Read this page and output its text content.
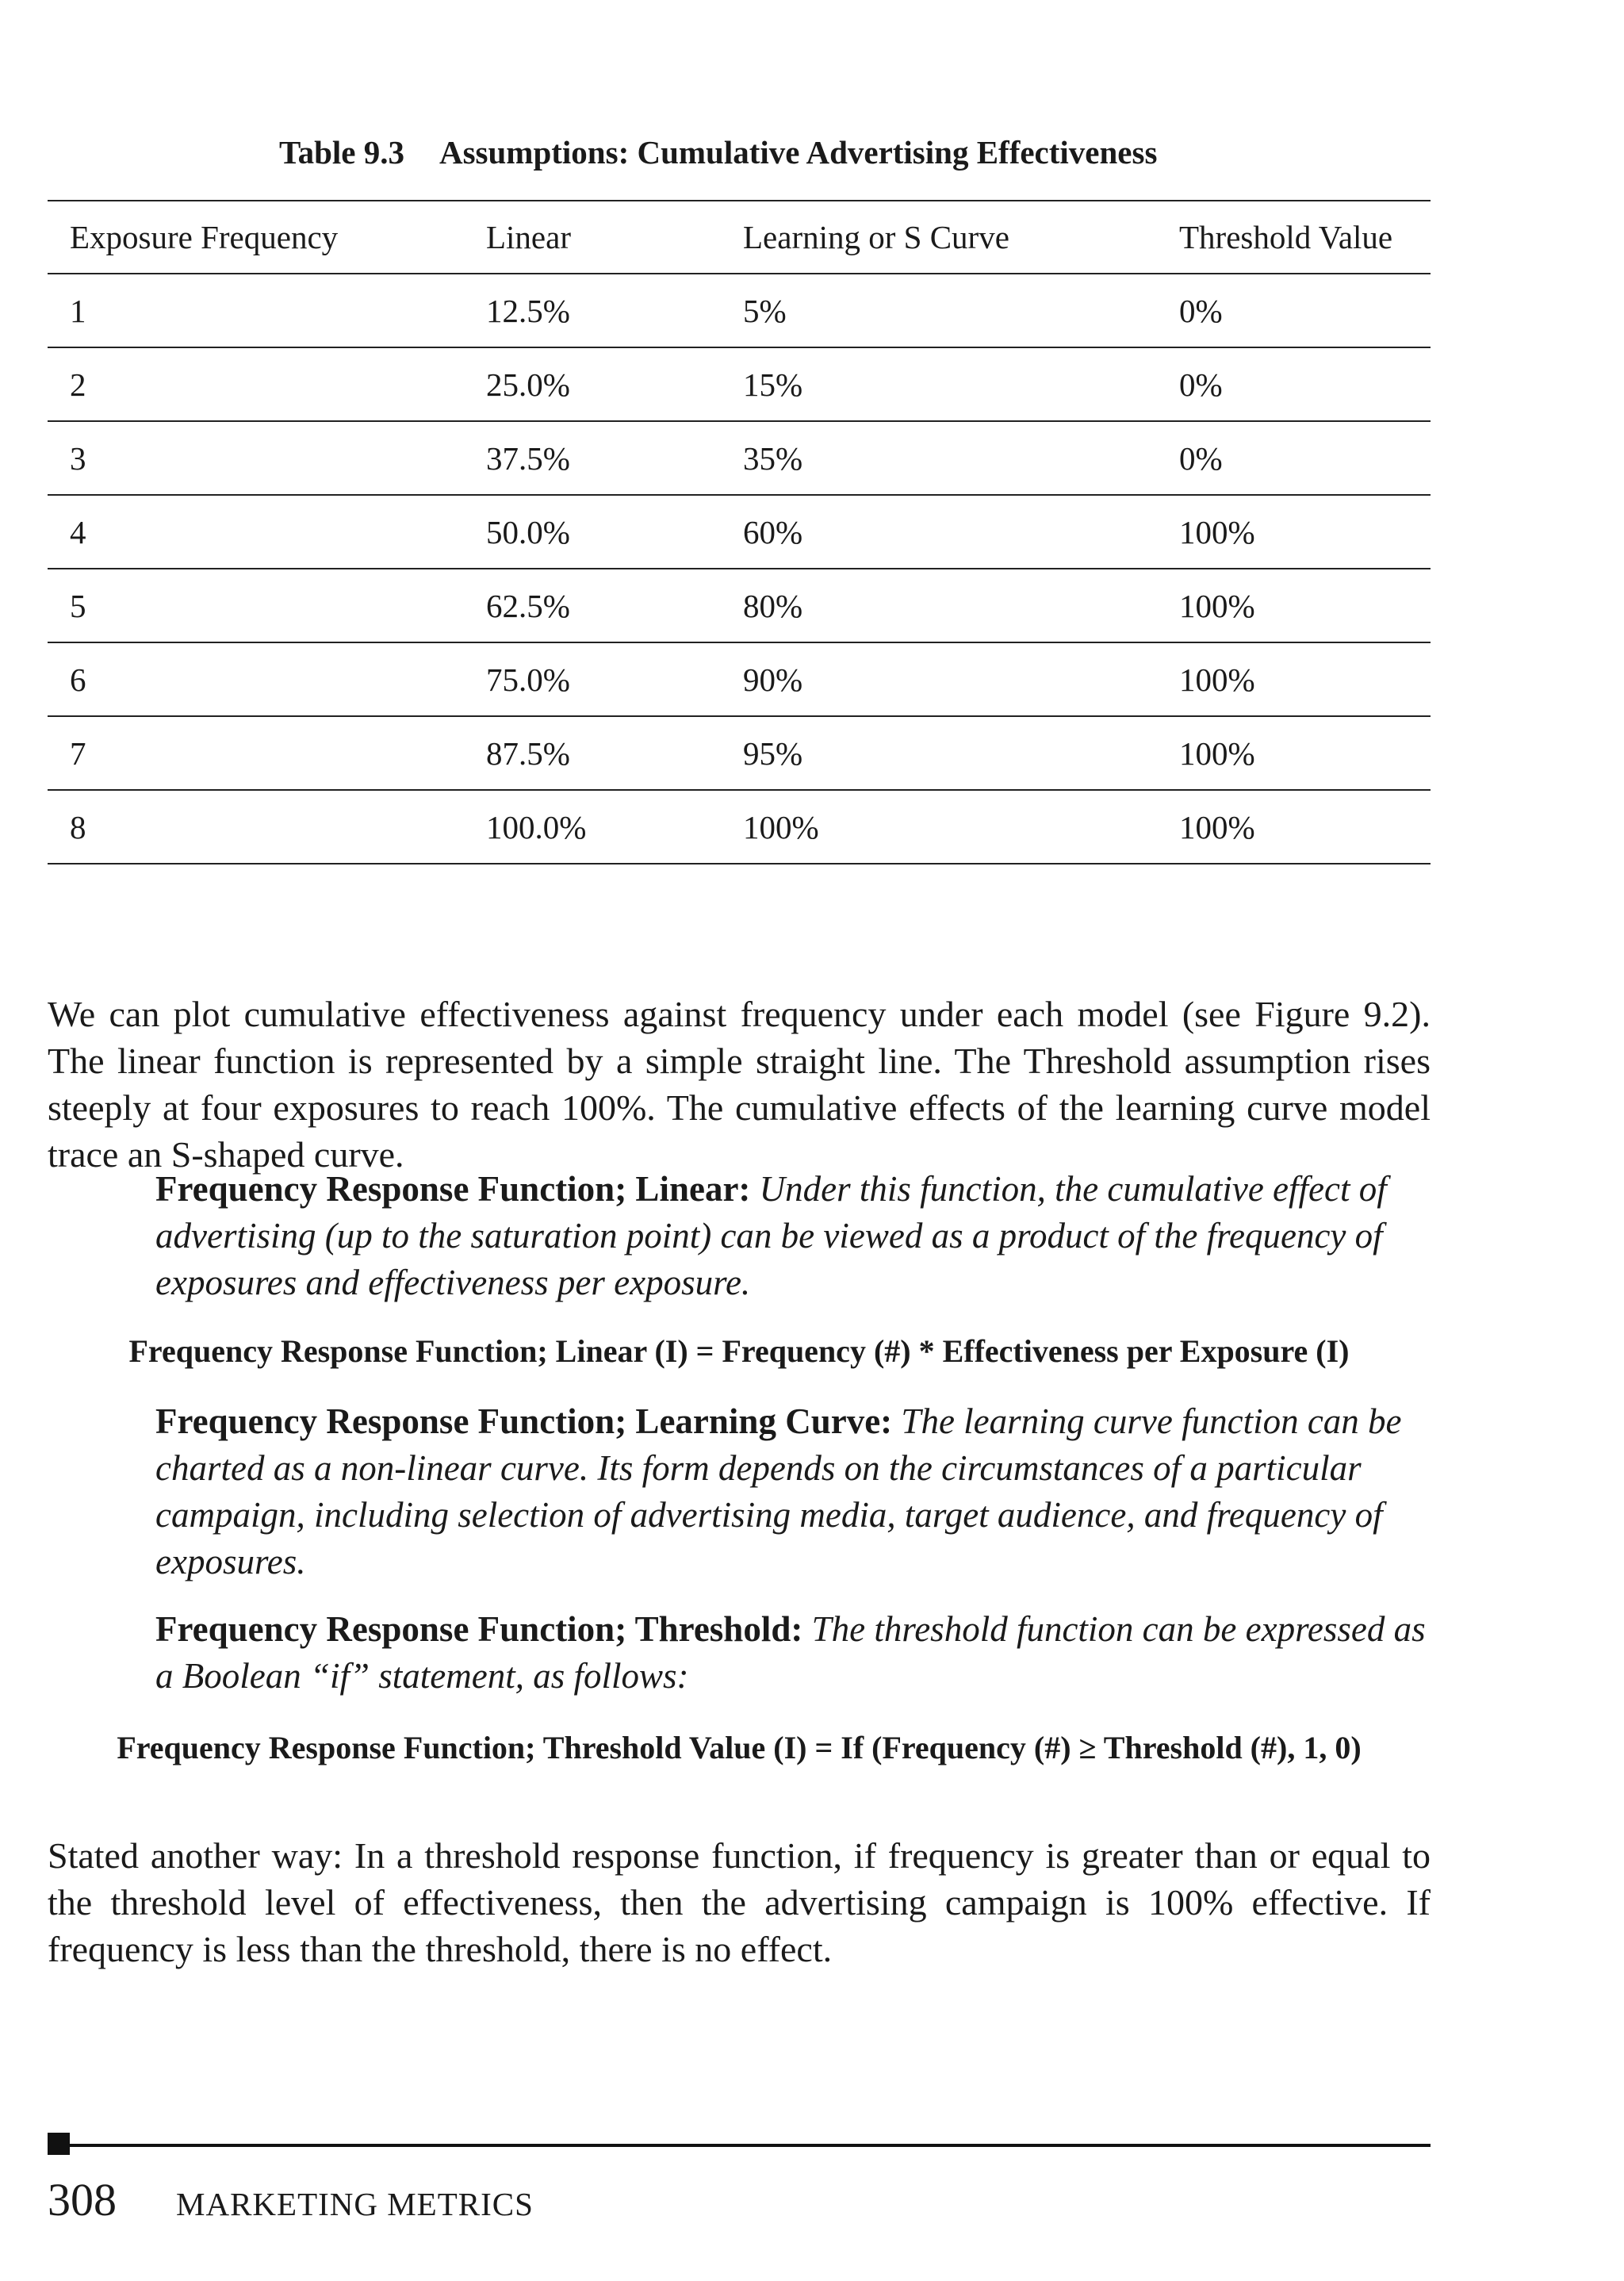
Table 9.3 Assumptions: Cumulative Advertising Effectiveness
Exposure Frequency	Linear	Learning or S Curve	Threshold Value
1	12.5%	5%	0%
2	25.0%	15%	0%
3	37.5%	35%	0%
4	50.0%	60%	100%
5	62.5%	80%	100%
6	75.0%	90%	100%
7	87.5%	95%	100%
8	100.0%	100%	100%

We can plot cumulative effectiveness against frequency under each model (see Figure 9.2). The linear function is represented by a simple straight line. The Threshold assumption rises steeply at four exposures to reach 100%. The cumulative effects of the learning curve model trace an S-shaped curve.

Frequency Response Function; Linear: Under this function, the cumulative effect of advertising (up to the saturation point) can be viewed as a product of the frequency of exposures and effectiveness per exposure.
Frequency Response Function; Linear (I) = Frequency (#) * Effectiveness per Exposure (I)
Frequency Response Function; Learning Curve: The learning curve function can be charted as a non-linear curve. Its form depends on the circumstances of a particular campaign, including selection of advertising media, target audience, and frequency of exposures.
Frequency Response Function; Threshold: The threshold function can be expressed as a Boolean “if” statement, as follows:
Frequency Response Function; Threshold Value (I) = If (Frequency (#) ≥ Threshold (#), 1, 0)

Stated another way: In a threshold response function, if frequency is greater than or equal to the threshold level of effectiveness, then the advertising campaign is 100% effective. If frequency is less than the threshold, there is no effect.

308 MARKETING METRICS
